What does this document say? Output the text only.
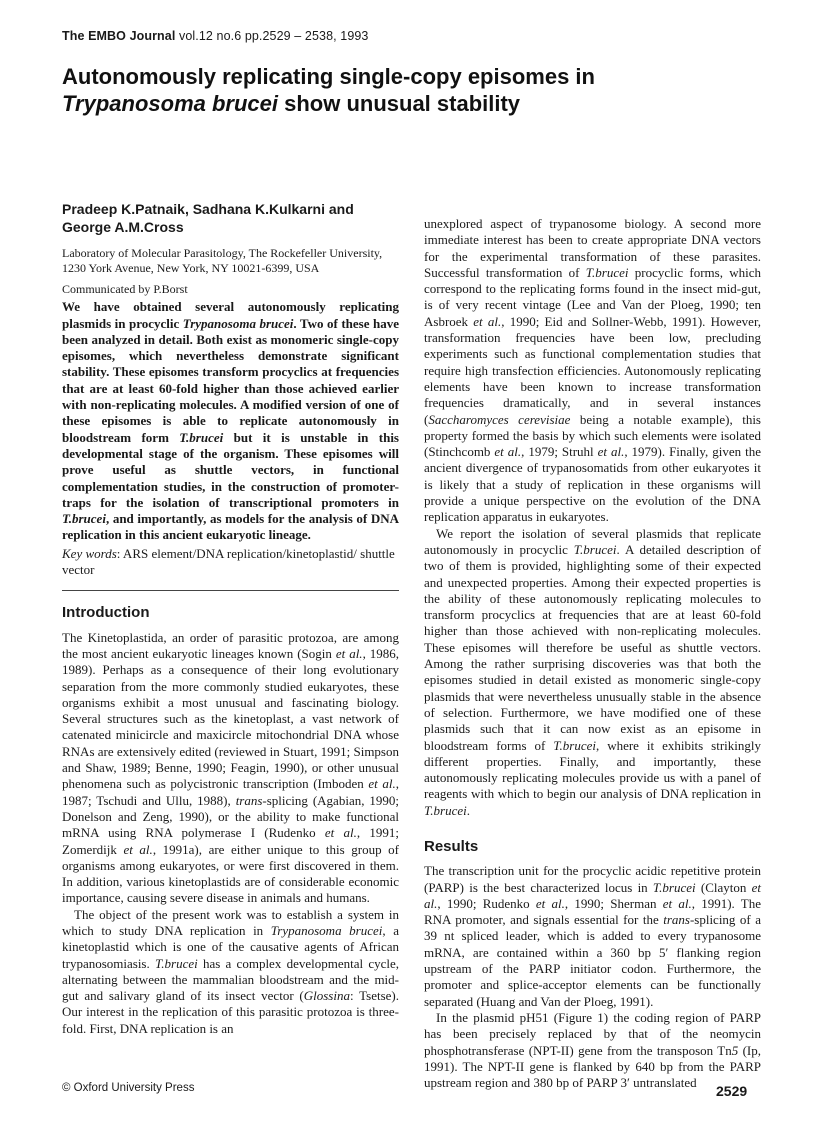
The EMBO Journal vol.12 no.6 pp.2529 – 2538, 1993
Autonomously replicating single-copy episomes in
Trypanosoma brucei show unusual stability
Pradeep K.Patnaik, Sadhana K.Kulkarni and
George A.M.Cross
Laboratory of Molecular Parasitology, The Rockefeller University,
1230 York Avenue, New York, NY 10021-6399, USA
Communicated by P.Borst

We have obtained several autonomously replicating plasmids in procyclic Trypanosoma brucei. Two of these have been analyzed in detail. Both exist as monomeric single-copy episomes, which nevertheless demonstrate significant stability. These episomes transform procyclics at frequencies that are at least 60-fold higher than those achieved earlier with non-replicating molecules. A modified version of one of these episomes is able to replicate autonomously in bloodstream form T.brucei but it is unstable in this developmental stage of the organism. These episomes will prove useful as shuttle vectors, in functional complementation studies, in the construction of promoter-traps for the isolation of transcriptional promoters in T.brucei, and importantly, as models for the analysis of DNA replication in this ancient eukaryotic lineage.

Key words: ARS element/DNA replication/kinetoplastid/ shuttle vector

Introduction

The Kinetoplastida, an order of parasitic protozoa, are among the most ancient eukaryotic lineages known (Sogin et al., 1986, 1989). Perhaps as a consequence of their long evolutionary separation from the more commonly studied eukaryotes, these organisms exhibit a most unusual and fascinating biology. Several structures such as the kinetoplast, a vast network of catenated minicircle and maxicircle mitochondrial DNA whose RNAs are extensively edited (reviewed in Stuart, 1991; Simpson and Shaw, 1989; Benne, 1990; Feagin, 1990), or other unusual phenomena such as polycistronic transcription (Imboden et al., 1987; Tschudi and Ullu, 1988), trans-splicing (Agabian, 1990; Donelson and Zeng, 1990), or the ability to make functional mRNA using RNA polymerase I (Rudenko et al., 1991; Zomerdijk et al., 1991a), are either unique to this group of organisms among eukaryotes, or were first discovered in them. In addition, various kinetoplastids are of considerable economic importance, causing severe disease in animals and humans.

The object of the present work was to establish a system in which to study DNA replication in Trypanosoma brucei, a kinetoplastid which is one of the causative agents of African trypanosomiasis. T.brucei has a complex developmental cycle, alternating between the mammalian bloodstream and the mid-gut and salivary gland of its insect vector (Glossina: Tsetse). Our interest in the replication of this parasitic protozoa is three-fold. First, DNA replication is an

unexplored aspect of trypanosome biology. A second more immediate interest has been to create appropriate DNA vectors for the experimental transformation of these parasites. Successful transformation of T.brucei procyclic forms, which correspond to the replicating forms found in the insect mid-gut, is of very recent vintage (Lee and Van der Ploeg, 1990; ten Asbroek et al., 1990; Eid and Sollner-Webb, 1991). However, transformation frequencies have been low, precluding experiments such as functional complementation studies that require high transfection efficiencies. Autonomously replicating elements have been known to increase transformation frequencies dramatically, and in several instances (Saccharomyces cerevisiae being a notable example), this property formed the basis by which such elements were isolated (Stinchcomb et al., 1979; Struhl et al., 1979). Finally, given the ancient divergence of trypanosomatids from other eukaryotes it is likely that a study of replication in these organisms will provide a unique perspective on the evolution of the DNA replication apparatus in eukaryotes.

We report the isolation of several plasmids that replicate autonomously in procyclic T.brucei. A detailed description of two of them is provided, highlighting some of their expected and unexpected properties. Among their expected properties is the ability of these autonomously replicating molecules to transform procyclics at frequencies that are at least 60-fold higher than those achieved with non-replicating molecules. These episomes will therefore be useful as shuttle vectors. Among the rather surprising discoveries was that both the episomes studied in detail existed as monomeric single-copy plasmids that were nevertheless unusually stable in the absence of selection. Furthermore, we have modified one of these plasmids such that it can now exist as an episome in bloodstream forms of T.brucei, where it exhibits strikingly different properties. Finally, and importantly, these autonomously replicating molecules provide us with a panel of reagents with which to begin our analysis of DNA replication in T.brucei.

Results

The transcription unit for the procyclic acidic repetitive protein (PARP) is the best characterized locus in T.brucei (Clayton et al., 1990; Rudenko et al., 1990; Sherman et al., 1991). The RNA promoter, and signals essential for the trans-splicing of a 39 nt spliced leader, which is added to every trypanosome mRNA, are contained within a 360 bp 5′ flanking region upstream of the PARP initiator codon. Furthermore, the promoter and splice-acceptor elements can be functionally separated (Huang and Van der Ploeg, 1991).

In the plasmid pH51 (Figure 1) the coding region of PARP has been precisely replaced by that of the neomycin phosphotransferase (NPT-II) gene from the transposon Tn5 (Ip, 1991). The NPT-II gene is flanked by 640 bp from the PARP upstream region and 380 bp of PARP 3′ untranslated

© Oxford University Press	2529
